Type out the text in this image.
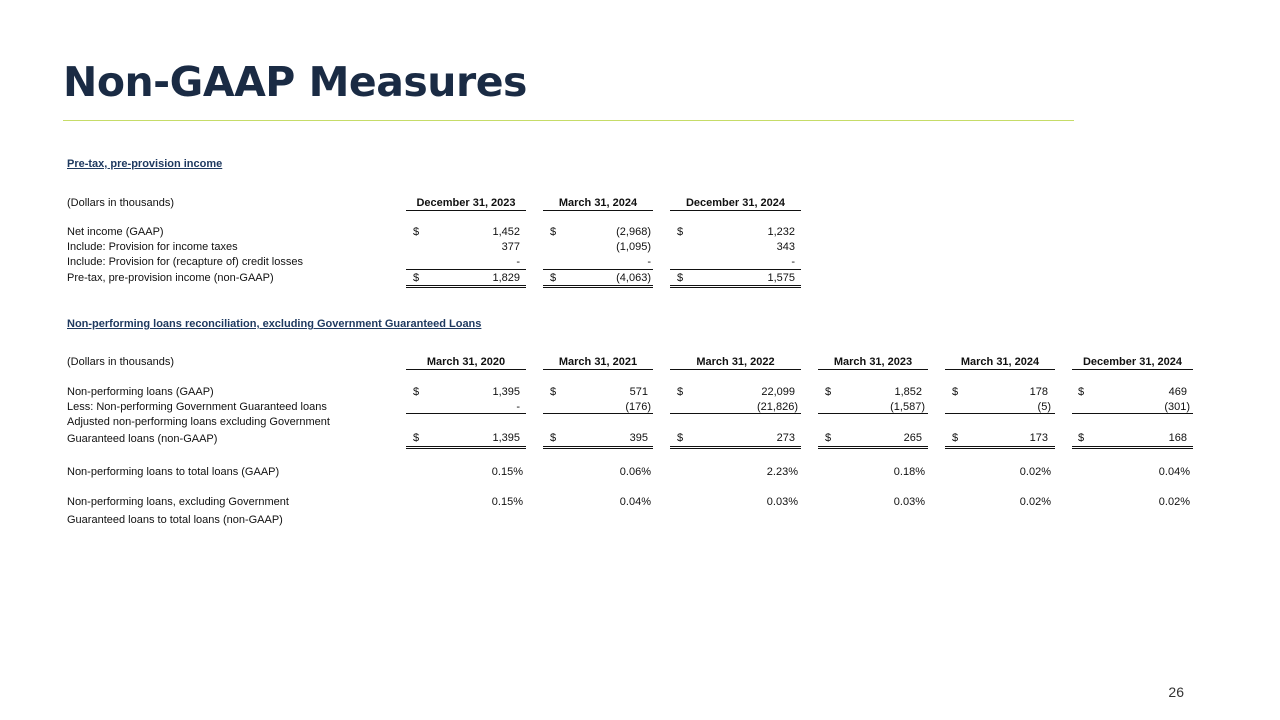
Non-GAAP Measures
Pre-tax, pre-provision income
(Dollars in thousands)	December 31, 2023	March 31, 2024	December 31, 2024
Net income (GAAP)	$	1,452	$	(2,968) $	1,232
Include: Provision for income taxes	377	(1,095)	343
Include: Provision for (recapture of) credit losses	-	-	-
Pre-tax, pre-provision income (non-GAAP)	$	1,829	$	(4,063) $	1,575
Non-performing loans reconciliation, excluding Government Guaranteed Loans
(Dollars in thousands)	March 31, 2020	March 31, 2021	March 31, 2022	March 31, 2023	March 31, 2024	December 31, 2024
Non-performing loans (GAAP)	$	1,395	$	571	$	22,099	$	1,852	$	178	$	469
Less: Non-performing Government Guaranteed loans	-	(176)	(21,826)	(1,587)	(5)	(301)
Adjusted non-performing loans excluding Government
Guaranteed loans (non-GAAP)	$	1,395	$	395	$	273	$	265	$	173	$	168
Non-performing loans to total loans (GAAP)	0.15%	0.06%	2.23%	0.18%	0.02%	0.04%
Non-performing loans, excluding Government
Guaranteed loans to total loans (non-GAAP)
0.15%	0.04%	0.03%	0.03%	0.02%	0.02%
26
